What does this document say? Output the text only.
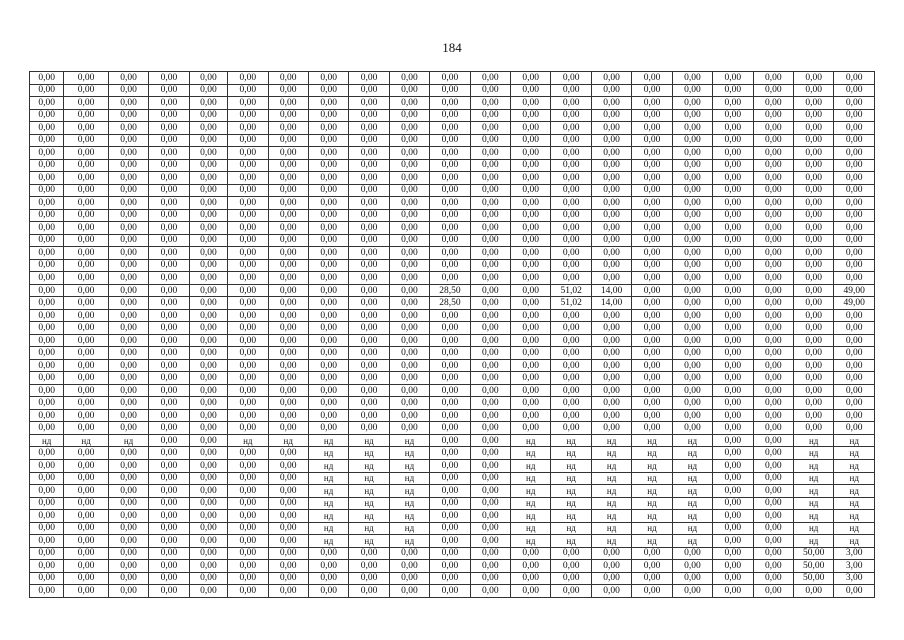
184
0,00	0,00	0,00	0,00	0,00	0,00	0,00	0,00	0,00	0,00	0,00	0,00	0,00	0,00	0,00	0,00	0,00	0,00	0,00	0,00	0,00
0,00	0,00	0,00	0,00	0,00	0,00	0,00	0,00	0,00	0,00	0,00	0,00	0,00	0,00	0,00	0,00	0,00	0,00	0,00	0,00	0,00
0,00	0,00	0,00	0,00	0,00	0,00	0,00	0,00	0,00	0,00	0,00	0,00	0,00	0,00	0,00	0,00	0,00	0,00	0,00	0,00	0,00
0,00	0,00	0,00	0,00	0,00	0,00	0,00	0,00	0,00	0,00	0,00	0,00	0,00	0,00	0,00	0,00	0,00	0,00	0,00	0,00	0,00
0,00	0,00	0,00	0,00	0,00	0,00	0,00	0,00	0,00	0,00	0,00	0,00	0,00	0,00	0,00	0,00	0,00	0,00	0,00	0,00	0,00
0,00	0,00	0,00	0,00	0,00	0,00	0,00	0,00	0,00	0,00	0,00	0,00	0,00	0,00	0,00	0,00	0,00	0,00	0,00	0,00	0,00
0,00	0,00	0,00	0,00	0,00	0,00	0,00	0,00	0,00	0,00	0,00	0,00	0,00	0,00	0,00	0,00	0,00	0,00	0,00	0,00	0,00
0,00	0,00	0,00	0,00	0,00	0,00	0,00	0,00	0,00	0,00	0,00	0,00	0,00	0,00	0,00	0,00	0,00	0,00	0,00	0,00	0,00
0,00	0,00	0,00	0,00	0,00	0,00	0,00	0,00	0,00	0,00	0,00	0,00	0,00	0,00	0,00	0,00	0,00	0,00	0,00	0,00	0,00
0,00	0,00	0,00	0,00	0,00	0,00	0,00	0,00	0,00	0,00	0,00	0,00	0,00	0,00	0,00	0,00	0,00	0,00	0,00	0,00	0,00
0,00	0,00	0,00	0,00	0,00	0,00	0,00	0,00	0,00	0,00	0,00	0,00	0,00	0,00	0,00	0,00	0,00	0,00	0,00	0,00	0,00
0,00	0,00	0,00	0,00	0,00	0,00	0,00	0,00	0,00	0,00	0,00	0,00	0,00	0,00	0,00	0,00	0,00	0,00	0,00	0,00	0,00
0,00	0,00	0,00	0,00	0,00	0,00	0,00	0,00	0,00	0,00	0,00	0,00	0,00	0,00	0,00	0,00	0,00	0,00	0,00	0,00	0,00
0,00	0,00	0,00	0,00	0,00	0,00	0,00	0,00	0,00	0,00	0,00	0,00	0,00	0,00	0,00	0,00	0,00	0,00	0,00	0,00	0,00
0,00	0,00	0,00	0,00	0,00	0,00	0,00	0,00	0,00	0,00	0,00	0,00	0,00	0,00	0,00	0,00	0,00	0,00	0,00	0,00	0,00
0,00	0,00	0,00	0,00	0,00	0,00	0,00	0,00	0,00	0,00	0,00	0,00	0,00	0,00	0,00	0,00	0,00	0,00	0,00	0,00	0,00
0,00	0,00	0,00	0,00	0,00	0,00	0,00	0,00	0,00	0,00	0,00	0,00	0,00	0,00	0,00	0,00	0,00	0,00	0,00	0,00	0,00
0,00	0,00	0,00	0,00	0,00	0,00	0,00	0,00	0,00	0,00	28,50	0,00	0,00	51,02	14,00	0,00	0,00	0,00	0,00	0,00	49,00
0,00	0,00	0,00	0,00	0,00	0,00	0,00	0,00	0,00	0,00	28,50	0,00	0,00	51,02	14,00	0,00	0,00	0,00	0,00	0,00	49,00
0,00	0,00	0,00	0,00	0,00	0,00	0,00	0,00	0,00	0,00	0,00	0,00	0,00	0,00	0,00	0,00	0,00	0,00	0,00	0,00	0,00
0,00	0,00	0,00	0,00	0,00	0,00	0,00	0,00	0,00	0,00	0,00	0,00	0,00	0,00	0,00	0,00	0,00	0,00	0,00	0,00	0,00
0,00	0,00	0,00	0,00	0,00	0,00	0,00	0,00	0,00	0,00	0,00	0,00	0,00	0,00	0,00	0,00	0,00	0,00	0,00	0,00	0,00
0,00	0,00	0,00	0,00	0,00	0,00	0,00	0,00	0,00	0,00	0,00	0,00	0,00	0,00	0,00	0,00	0,00	0,00	0,00	0,00	0,00
0,00	0,00	0,00	0,00	0,00	0,00	0,00	0,00	0,00	0,00	0,00	0,00	0,00	0,00	0,00	0,00	0,00	0,00	0,00	0,00	0,00
0,00	0,00	0,00	0,00	0,00	0,00	0,00	0,00	0,00	0,00	0,00	0,00	0,00	0,00	0,00	0,00	0,00	0,00	0,00	0,00	0,00
0,00	0,00	0,00	0,00	0,00	0,00	0,00	0,00	0,00	0,00	0,00	0,00	0,00	0,00	0,00	0,00	0,00	0,00	0,00	0,00	0,00
0,00	0,00	0,00	0,00	0,00	0,00	0,00	0,00	0,00	0,00	0,00	0,00	0,00	0,00	0,00	0,00	0,00	0,00	0,00	0,00	0,00
0,00	0,00	0,00	0,00	0,00	0,00	0,00	0,00	0,00	0,00	0,00	0,00	0,00	0,00	0,00	0,00	0,00	0,00	0,00	0,00	0,00
0,00	0,00	0,00	0,00	0,00	0,00	0,00	0,00	0,00	0,00	0,00	0,00	0,00	0,00	0,00	0,00	0,00	0,00	0,00	0,00	0,00
нд	нд	нд	0,00	0,00	нд	нд	нд	нд	нд	0,00	0,00	нд	нд	нд	нд	нд	0,00	0,00	нд	нд
0,00	0,00	0,00	0,00	0,00	0,00	0,00	нд	нд	нд	0,00	0,00	нд	нд	нд	нд	нд	0,00	0,00	нд	нд
0,00	0,00	0,00	0,00	0,00	0,00	0,00	нд	нд	нд	0,00	0,00	нд	нд	нд	нд	нд	0,00	0,00	нд	нд
0,00	0,00	0,00	0,00	0,00	0,00	0,00	нд	нд	нд	0,00	0,00	нд	нд	нд	нд	нд	0,00	0,00	нд	нд
0,00	0,00	0,00	0,00	0,00	0,00	0,00	нд	нд	нд	0,00	0,00	нд	нд	нд	нд	нд	0,00	0,00	нд	нд
0,00	0,00	0,00	0,00	0,00	0,00	0,00	нд	нд	нд	0,00	0,00	нд	нд	нд	нд	нд	0,00	0,00	нд	нд
0,00	0,00	0,00	0,00	0,00	0,00	0,00	нд	нд	нд	0,00	0,00	нд	нд	нд	нд	нд	0,00	0,00	нд	нд
0,00	0,00	0,00	0,00	0,00	0,00	0,00	нд	нд	нд	0,00	0,00	нд	нд	нд	нд	нд	0,00	0,00	нд	нд
0,00	0,00	0,00	0,00	0,00	0,00	0,00	нд	нд	нд	0,00	0,00	нд	нд	нд	нд	нд	0,00	0,00	нд	нд
0,00	0,00	0,00	0,00	0,00	0,00	0,00	0,00	0,00	0,00	0,00	0,00	0,00	0,00	0,00	0,00	0,00	0,00	0,00	50,00	3,00
0,00	0,00	0,00	0,00	0,00	0,00	0,00	0,00	0,00	0,00	0,00	0,00	0,00	0,00	0,00	0,00	0,00	0,00	0,00	50,00	3,00
0,00	0,00	0,00	0,00	0,00	0,00	0,00	0,00	0,00	0,00	0,00	0,00	0,00	0,00	0,00	0,00	0,00	0,00	0,00	50,00	3,00
0,00	0,00	0,00	0,00	0,00	0,00	0,00	0,00	0,00	0,00	0,00	0,00	0,00	0,00	0,00	0,00	0,00	0,00	0,00	0,00	0,00
